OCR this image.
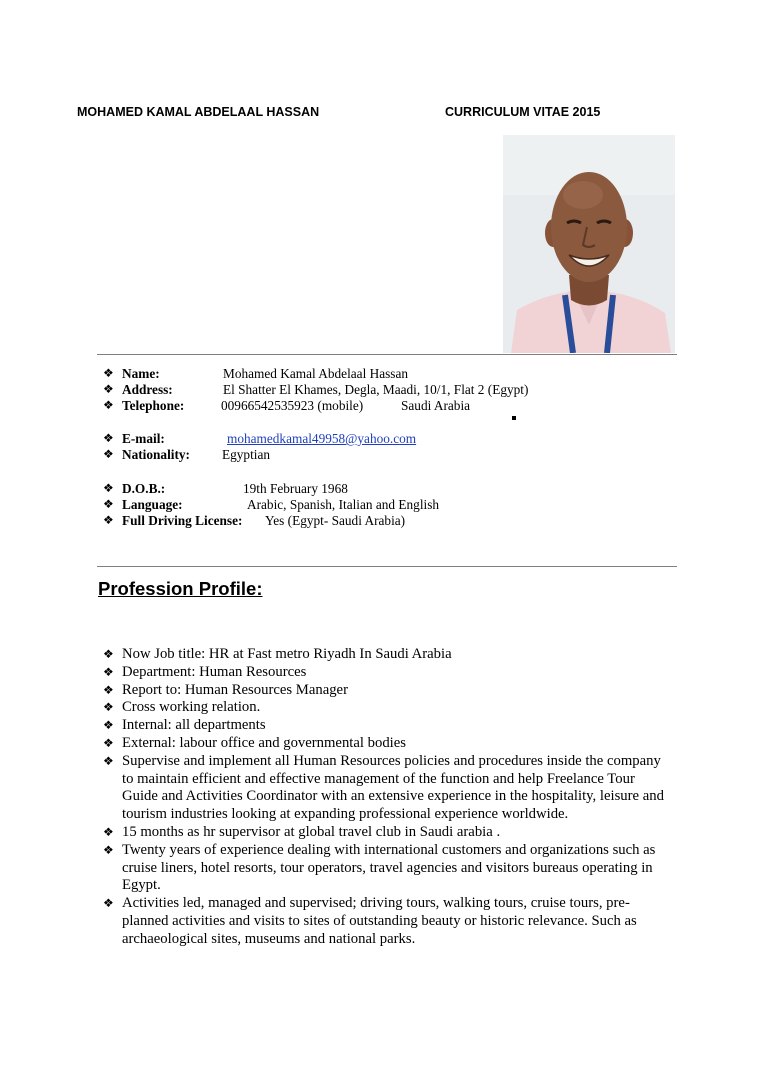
MOHAMED KAMAL ABDELAAL HASSAN	CURRICULUM VITAE 2015
❖ Name:	Mohamed Kamal Abdelaal Hassan
❖ Address:	El Shatter El Khames, Degla, Maadi, 10/1, Flat 2 (Egypt)
❖ Telephone:	00966542535923 (mobile)	Saudi Arabia
❖ E-mail:	mohamedkamal49958@yahoo.com
❖ Nationality: Egyptian
❖ D.O.B.:	19th February 1968
❖ Language:	Arabic, Spanish, Italian and English
❖ Full Driving License: Yes (Egypt- Saudi Arabia)
Profession Profile:
❖ Now Job title: HR at Fast metro Riyadh In Saudi Arabia
❖ Department: Human Resources
❖ Report to: Human Resources Manager
❖ Cross working relation.
❖ Internal: all departments
❖ External: labour office and governmental bodies
❖ Supervise and implement all Human Resources policies and procedures inside the company to maintain efficient and effective management of the function and help Freelance Tour Guide and Activities Coordinator with an extensive experience in the hospitality, leisure and tourism industries looking at expanding professional experience worldwide.
❖ 15 months as hr supervisor at global travel club in Saudi arabia .
❖ Twenty years of experience dealing with international customers and organizations such as cruise liners, hotel resorts, tour operators, travel agencies and visitors bureaus operating in Egypt.
❖ Activities led, managed and supervised; driving tours, walking tours, cruise tours, pre-planned activities and visits to sites of outstanding beauty or historic relevance. Such as archaeological sites, museums and national parks.
